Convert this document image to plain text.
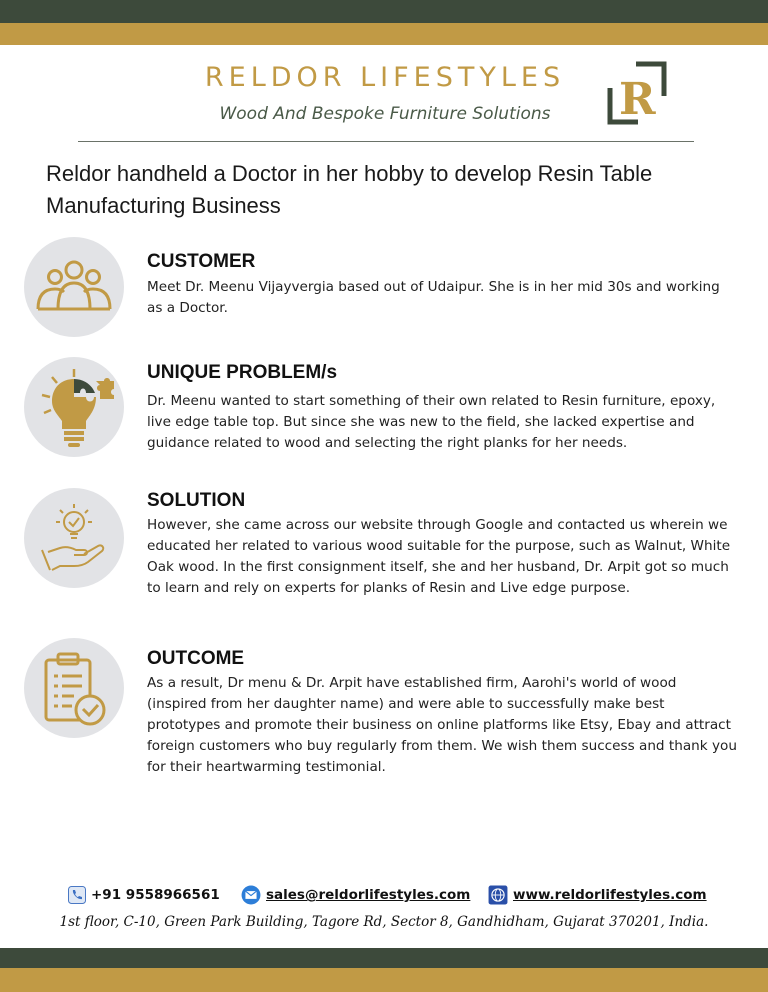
RELDOR LIFESTYLES
Wood And Bespoke Furniture Solutions	R
Reldor handheld a Doctor in her hobby to develop Resin Table Manufacturing Business
CUSTOMER
Meet Dr. Meenu Vijayvergia based out of Udaipur. She is in her mid 30s and working as a Doctor.
UNIQUE PROBLEM/s
Dr. Meenu wanted to start something of their own related to Resin furniture, epoxy, live edge table top. But since she was new to the field, she lacked expertise and guidance related to wood and selecting the right planks for her needs.
SOLUTION
However, she came across our website through Google and contacted us wherein we educated her related to various wood suitable for the purpose, such as Walnut, White Oak wood. In the first consignment itself, she and her husband, Dr. Arpit got so much to learn and rely on experts for planks of Resin and Live edge purpose.
OUTCOME
As a result, Dr menu & Dr. Arpit have established firm, Aarohi's world of wood (inspired from her daughter name) and were able to successfully make best prototypes and promote their business on online platforms like Etsy, Ebay and attract foreign customers who buy regularly from them. We wish them success and thank you for their heartwarming testimonial.
+91 9558966561	sales@reldorlifestyles.com	www.reldorlifestyles.com
1st floor, C-10, Green Park Building, Tagore Rd, Sector 8, Gandhidham, Gujarat 370201, India.
